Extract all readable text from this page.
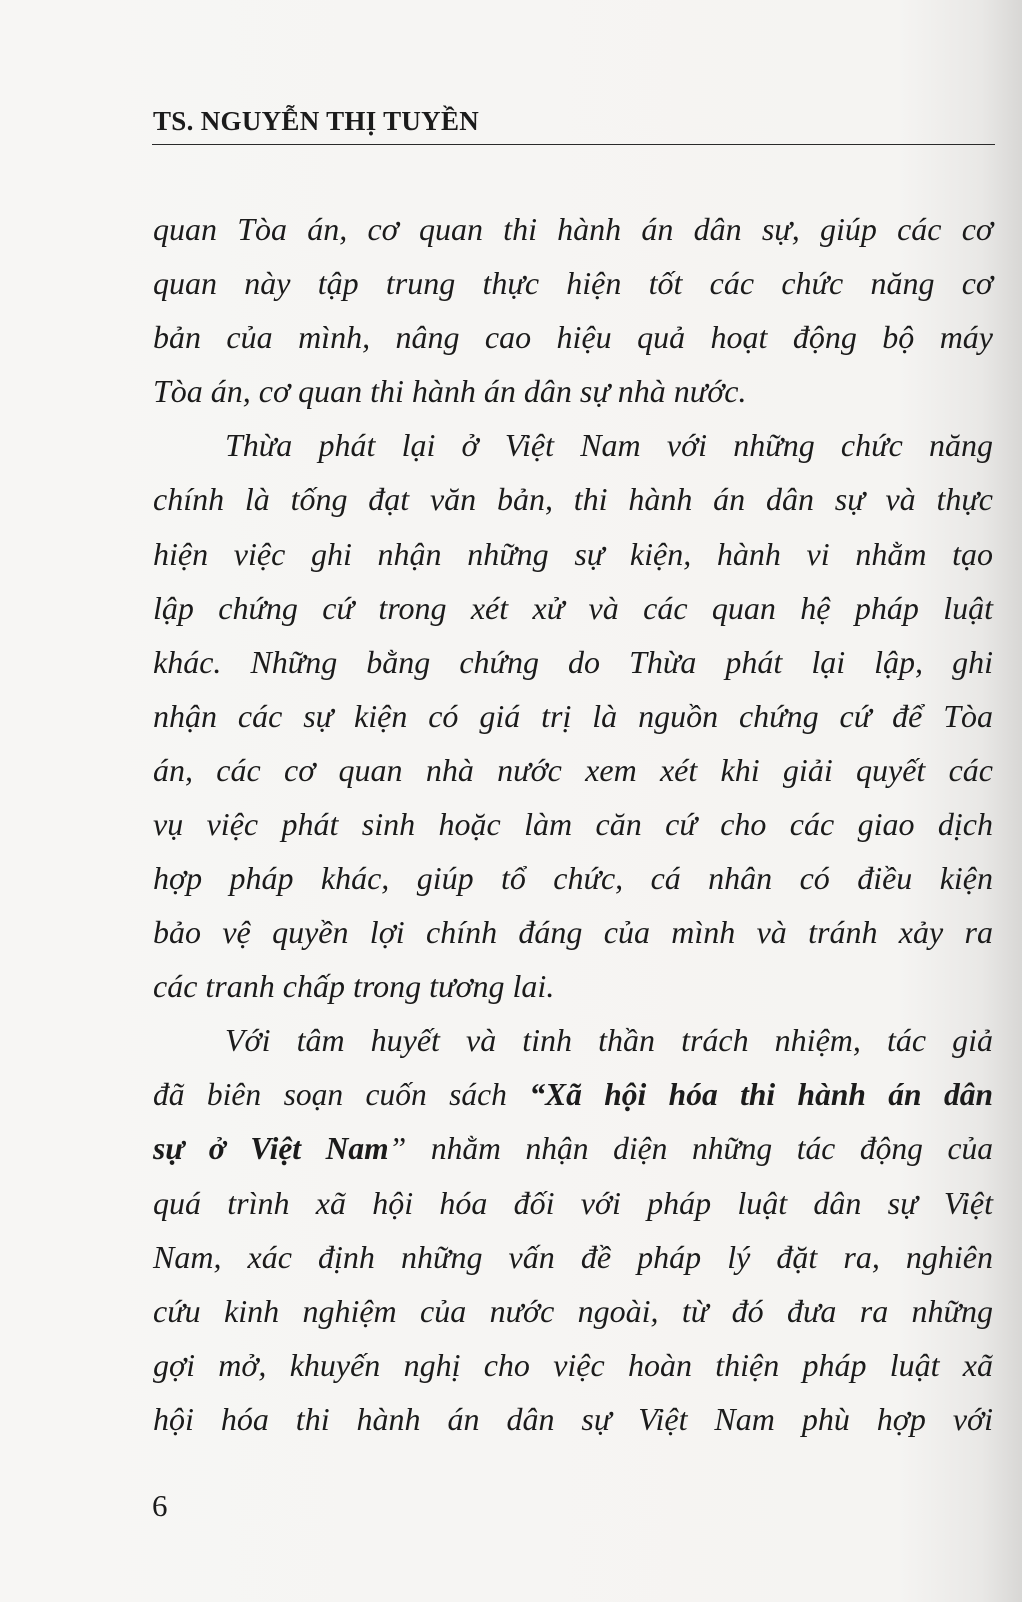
TS. NGUYỄN THỊ TUYỀN
quan Tòa án, cơ quan thi hành án dân sự, giúp các cơ
quan này tập trung thực hiện tốt các chức năng cơ
bản của mình, nâng cao hiệu quả hoạt động bộ máy
Tòa án, cơ quan thi hành án dân sự nhà nước.
Thừa phát lại ở Việt Nam với những chức năng
chính là tống đạt văn bản, thi hành án dân sự và thực
hiện việc ghi nhận những sự kiện, hành vi nhằm tạo
lập chứng cứ trong xét xử và các quan hệ pháp luật
khác. Những bằng chứng do Thừa phát lại lập, ghi
nhận các sự kiện có giá trị là nguồn chứng cứ để Tòa
án, các cơ quan nhà nước xem xét khi giải quyết các
vụ việc phát sinh hoặc làm căn cứ cho các giao dịch
hợp pháp khác, giúp tổ chức, cá nhân có điều kiện
bảo vệ quyền lợi chính đáng của mình và tránh xảy ra
các tranh chấp trong tương lai.
Với tâm huyết và tinh thần trách nhiệm, tác giả
đã biên soạn cuốn sách “Xã hội hóa thi hành án dân
sự ở Việt Nam” nhằm nhận diện những tác động của
quá trình xã hội hóa đối với pháp luật dân sự Việt
Nam, xác định những vấn đề pháp lý đặt ra, nghiên
cứu kinh nghiệm của nước ngoài, từ đó đưa ra những
gợi mở, khuyến nghị cho việc hoàn thiện pháp luật xã
hội hóa thi hành án dân sự Việt Nam phù hợp với
6
